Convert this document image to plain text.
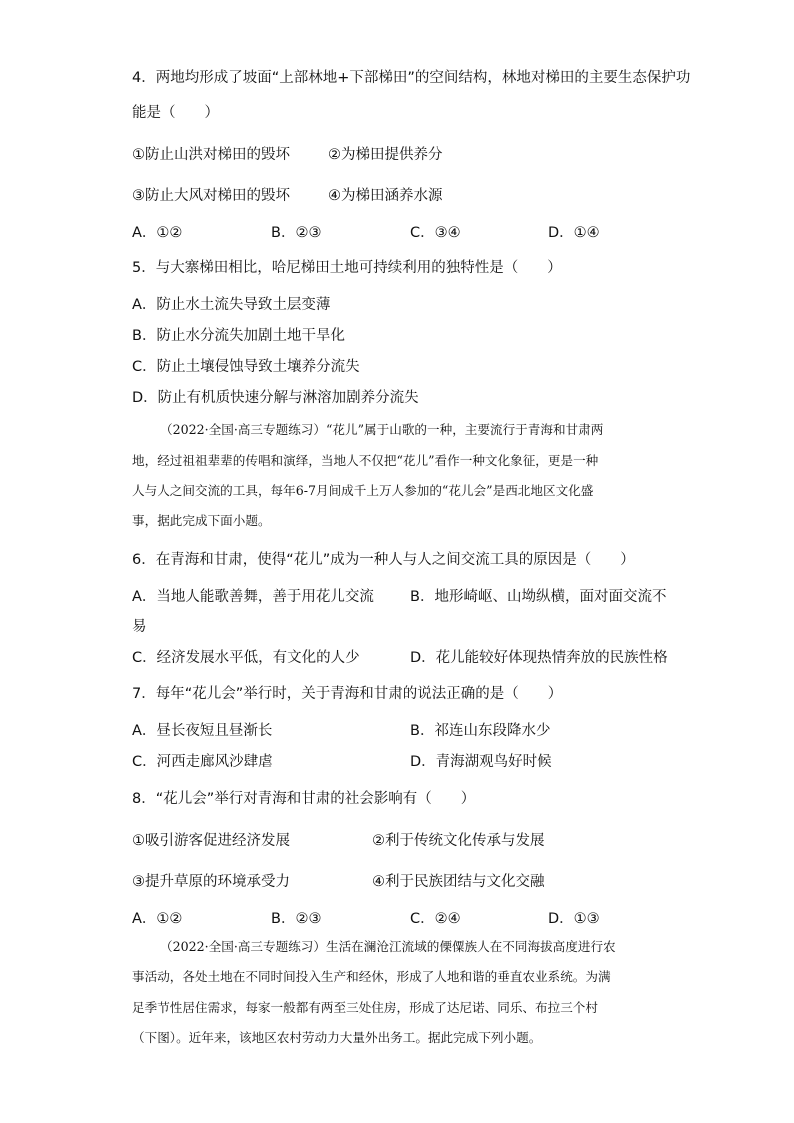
4．两地均形成了坡面“上部林地+下部梯田”的空间结构，林地对梯田的主要生态保护功
能是（　　）
①防止山洪对梯田的毁坏	②为梯田提供养分
③防止大风对梯田的毁坏	④为梯田涵养水源
A．①②	B．②③	C．③④	D．①④
5．与大寨梯田相比，哈尼梯田土地可持续利用的独特性是（　　）
A．防止水土流失导致土层变薄
B．防止水分流失加剧土地干旱化
C．防止土壤侵蚀导致土壤养分流失
D．防止有机质快速分解与淋溶加剧养分流失
（2022·全国·高三专题练习）“花儿”属于山歌的一种，主要流行于青海和甘肃两
地，经过祖祖辈辈的传唱和演绎，当地人不仅把“花儿”看作一种文化象征，更是一种
人与人之间交流的工具，每年6-7月间成千上万人参加的“花儿会”是西北地区文化盛
事，据此完成下面小题。
6．在青海和甘肃，使得“花儿”成为一种人与人之间交流工具的原因是（　　）
A．当地人能歌善舞，善于用花儿交流 B．地形崎岖、山坳纵横，面对面交流不
易
C．经济发展水平低，有文化的人少	D．花儿能较好体现热情奔放的民族性格
7．每年“花儿会”举行时，关于青海和甘肃的说法正确的是（　　）
A．昼长夜短且昼渐长	B．祁连山东段降水少
C．河西走廊风沙肆虐	D．青海湖观鸟好时候
8．“花儿会”举行对青海和甘肃的社会影响有（　　）
①吸引游客促进经济发展	②利于传统文化传承与发展
③提升草原的环境承受力	④利于民族团结与文化交融
A．①②	B．②③	C．②④	D．①③
（2022·全国·高三专题练习）生活在澜沧江流域的傈僳族人在不同海拔高度进行农
事活动，各处土地在不同时间投入生产和经休，形成了人地和谐的垂直农业系统。为满
足季节性居住需求，每家一般都有两至三处住房，形成了达尼诺、同乐、布拉三个村
（下图）。近年来，该地区农村劳动力大量外出务工。据此完成下列小题。
